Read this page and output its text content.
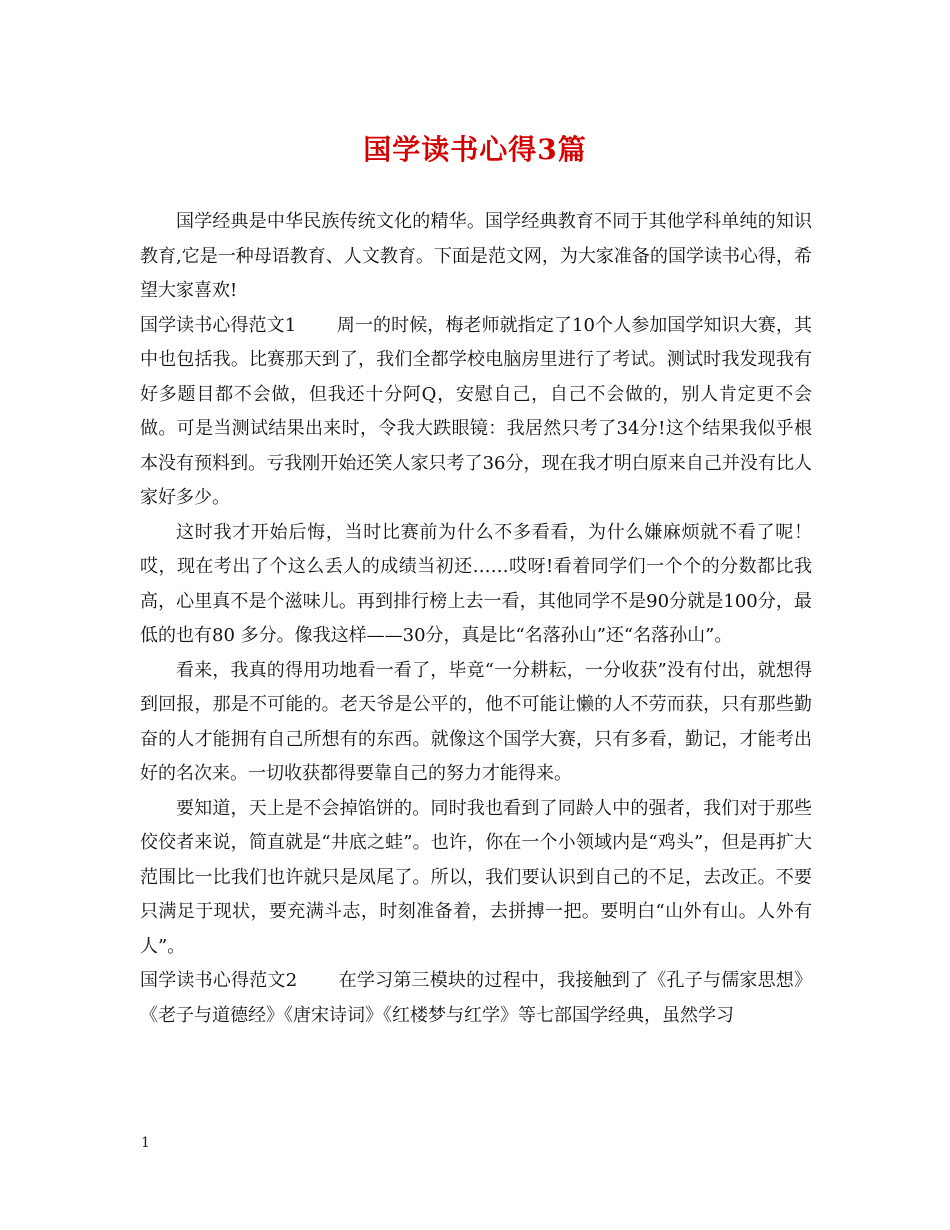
国学读书心得3篇

国学经典是中华民族传统文化的精华。国学经典教育不同于其他学科单纯的知识教育,它是一种母语教育、人文教育。下面是范文网，为大家准备的国学读书心得，希望大家喜欢!

国学读书心得范文1 周一的时候，梅老师就指定了10个人参加国学知识大赛，其中也包括我。比赛那天到了，我们全都学校电脑房里进行了考试。测试时我发现我有好多题目都不会做，但我还十分阿Q，安慰自己，自己不会做的，别人肯定更不会做。可是当测试结果出来时，令我大跌眼镜：我居然只考了34分!这个结果我似乎根本没有预料到。亏我刚开始还笑人家只考了36分，现在我才明白原来自己并没有比人家好多少。

这时我才开始后悔，当时比赛前为什么不多看看，为什么嫌麻烦就不看了呢！哎，现在考出了个这么丢人的成绩当初还……哎呀!看着同学们一个个的分数都比我高，心里真不是个滋味儿。再到排行榜上去一看，其他同学不是90分就是100分，最低的也有80 多分。像我这样——30分，真是比“名落孙山”还“名落孙山”。

看来，我真的得用功地看一看了，毕竟“一分耕耘，一分收获”没有付出，就想得到回报，那是不可能的。老天爷是公平的，他不可能让懒的人不劳而获，只有那些勤奋的人才能拥有自己所想有的东西。就像这个国学大赛，只有多看，勤记，才能考出好的名次来。一切收获都得要靠自己的努力才能得来。

要知道，天上是不会掉馅饼的。同时我也看到了同龄人中的强者，我们对于那些佼佼者来说，简直就是“井底之蛙”。也许，你在一个小领域内是“鸡头”，但是再扩大范围比一比我们也许就只是凤尾了。所以，我们要认识到自己的不足，去改正。不要只满足于现状，要充满斗志，时刻准备着，去拼搏一把。要明白“山外有山。人外有人”。

国学读书心得范文2 在学习第三模块的过程中，我接触到了《孔子与儒家思想》《老子与道德经》《唐宋诗词》《红楼梦与红学》等七部国学经典，虽然学习

1
